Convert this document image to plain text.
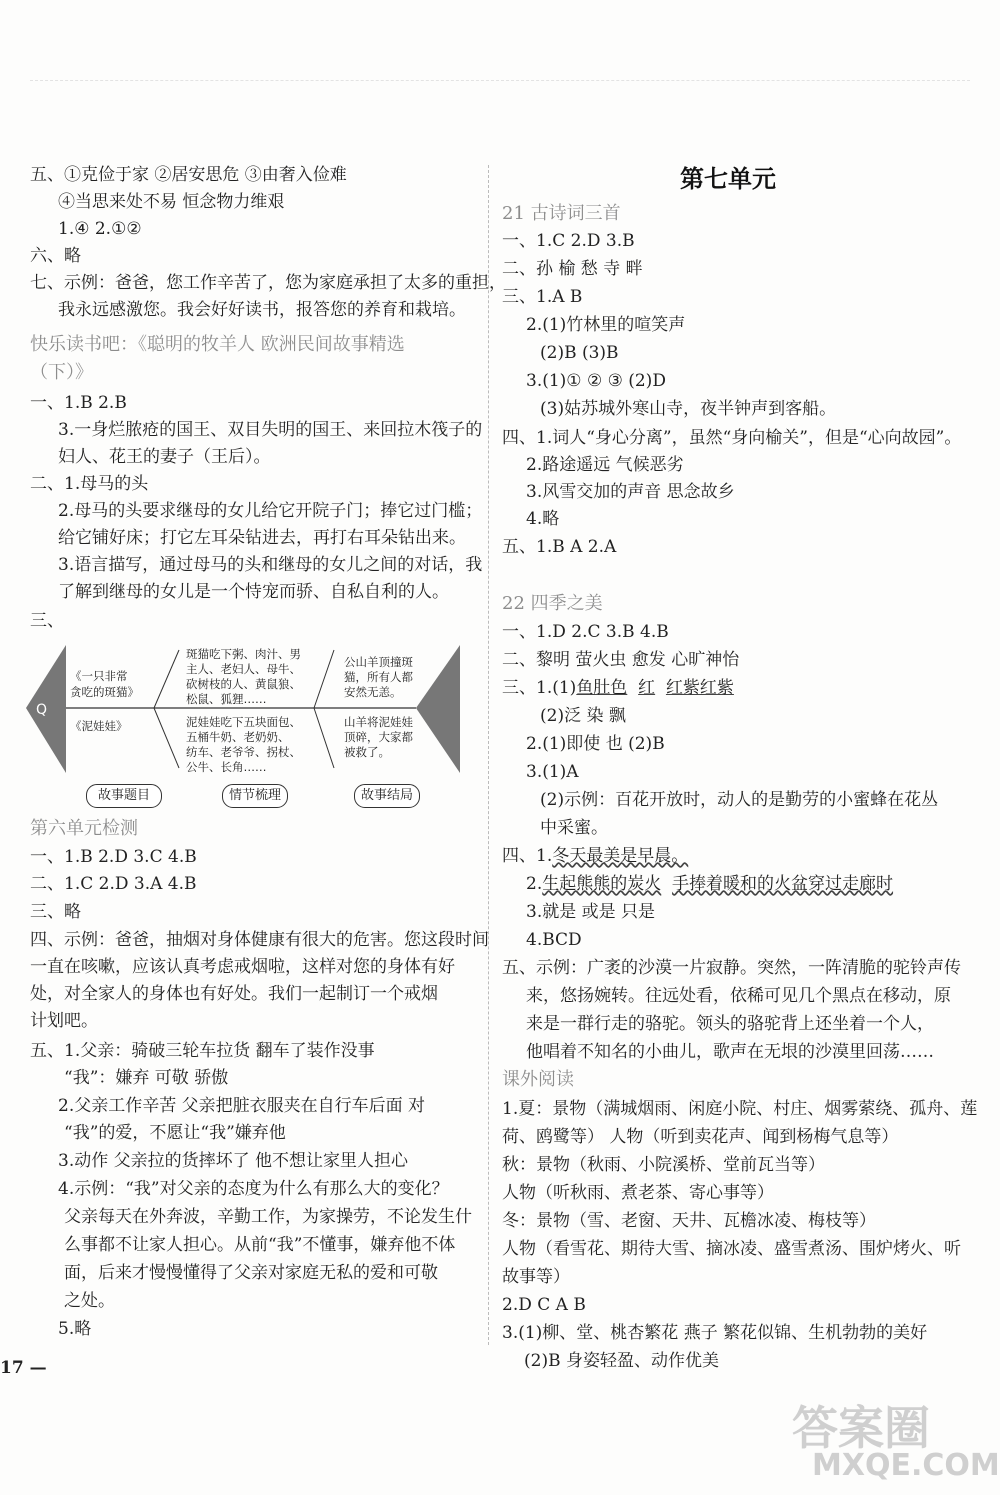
五、①克俭于家 ②居安思危 ③由奢入俭难
④当思来处不易 恒念物力维艰
1.④ 2.①②
六、略
七、示例：爸爸，您工作辛苦了，您为家庭承担了太多的重担，
我永远感激您。我会好好读书，报答您的养育和栽培。
快乐读书吧：《聪明的牧羊人 欧洲民间故事精选
（下）》
一、1.B 2.B
3.一身烂脓疮的国王、双目失明的国王、来回拉木筏子的
妇人、花王的妻子（王后）。
二、1.母马的头
2.母马的头要求继母的女儿给它开院子门；捧它过门槛；
给它铺好床；打它左耳朵钻进去，再打右耳朵钻出来。
3.语言描写，通过母马的头和继母的女儿之间的对话，我
了解到继母的女儿是一个恃宠而骄、自私自利的人。
三、
Q
《一只非常
贪吃的斑猫》
《泥娃娃》
斑猫吃下粥、肉汁、男
主人、老妇人、母牛、
砍树枝的人、黄鼠狼、
松鼠、狐狸……
泥娃娃吃下五块面包、
五桶牛奶、老奶奶、
纺车、老爷爷、拐杖、
公牛、长角……
公山羊顶撞斑
猫，所有人都
安然无恙。
山羊将泥娃娃
顶碎，大家都
被救了。
故事题目	情节梳理	故事结局
第六单元检测
一、1.B 2.D 3.C 4.B
二、1.C 2.D 3.A 4.B
三、略
四、示例：爸爸，抽烟对身体健康有很大的危害。您这段时间
一直在咳嗽，应该认真考虑戒烟啦，这样对您的身体有好
处，对全家人的身体也有好处。我们一起制订一个戒烟
计划吧。
五、1.父亲：骑破三轮车拉货 翻车了装作没事
“我”：嫌弃 可敬 骄傲
2.父亲工作辛苦 父亲把脏衣服夹在自行车后面 对
“我”的爱，不愿让“我”嫌弃他
3.动作 父亲拉的货摔坏了 他不想让家里人担心
4.示例：“我”对父亲的态度为什么有那么大的变化？
父亲每天在外奔波，辛勤工作，为家操劳，不论发生什
么事都不让家人担心。从前“我”不懂事，嫌弃他不体
面，后来才慢慢懂得了父亲对家庭无私的爱和可敬
之处。
5.略
第七单元
21 古诗词三首
一、1.C 2.D 3.B
二、孙 榆 愁 寺 畔
三、1.A B
2.(1)竹林里的喧笑声
(2)B (3)B
3.(1)① ② ③ (2)D
(3)姑苏城外寒山寺，夜半钟声到客船。
四、1.词人“身心分离”，虽然“身向榆关”，但是“心向故园”。
2.路途遥远 气候恶劣
3.风雪交加的声音 思念故乡
4.略
五、1.B A 2.A
22 四季之美
一、1.D 2.C 3.B 4.B
二、黎明 萤火虫 愈发 心旷神怡
三、1.(1)鱼肚色 红 红紫红紫
(2)泛 染 飘
2.(1)即使 也 (2)B
3.(1)A
(2)示例：百花开放时，动人的是勤劳的小蜜蜂在花丛
中采蜜。
四、1.冬天最美是早晨。
2.生起熊熊的炭火 手捧着暖和的火盆穿过走廊时
3.就是 或是 只是
4.BCD
五、示例：广袤的沙漠一片寂静。突然，一阵清脆的驼铃声传
来，悠扬婉转。往远处看，依稀可见几个黑点在移动，原
来是一群行走的骆驼。领头的骆驼背上还坐着一个人，
他唱着不知名的小曲儿，歌声在无垠的沙漠里回荡……
课外阅读
1.夏：景物（满城烟雨、闲庭小院、村庄、烟雾萦绕、孤舟、莲
荷、鸥鹭等） 人物（听到卖花声、闻到杨梅气息等）
秋：景物（秋雨、小院溪桥、堂前瓦当等）
人物（听秋雨、煮老茶、寄心事等）
冬：景物（雪、老窗、天井、瓦檐冰凌、梅枝等）
人物（看雪花、期待大雪、摘冰凌、盛雪煮汤、围炉烤火、听
故事等）
2.D C A B
3.(1)柳、堂、桃杏繁花 燕子 繁花似锦、生机勃勃的美好
(2)B 身姿轻盈、动作优美
17 —
答案圈
MXQE.COM
